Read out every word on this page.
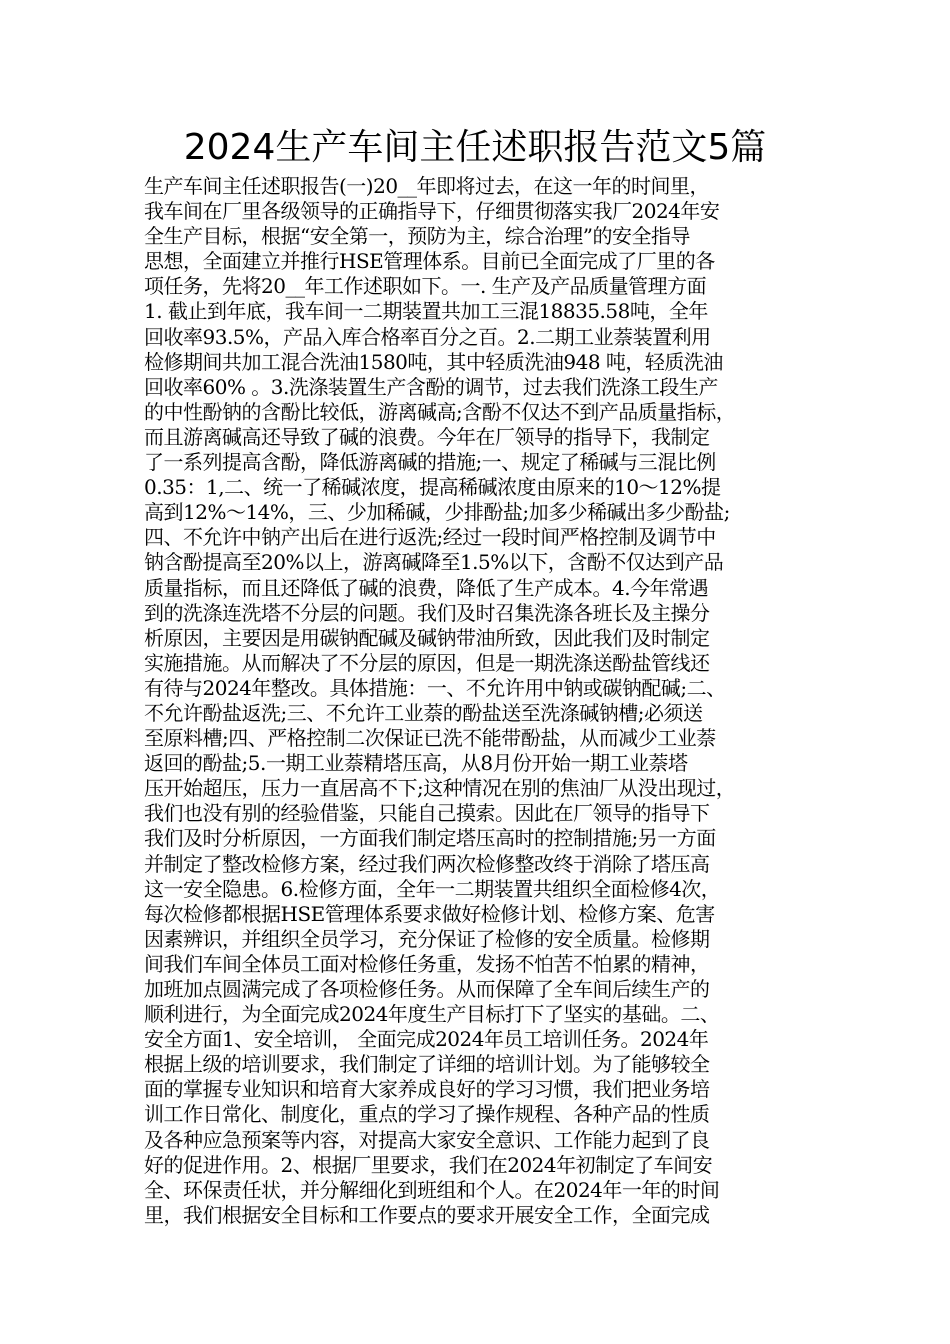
2024生产车间主任述职报告范文5篇
生产车间主任述职报告(一)20__年即将过去，在这一年的时间里，
我车间在厂里各级领导的正确指导下，仔细贯彻落实我厂2024年安
全生产目标，根据“安全第一，预防为主，综合治理”的安全指导
思想，全面建立并推行HSE管理体系。目前已全面完成了厂里的各
项任务，先将20__年工作述职如下。一. 生产及产品质量管理方面
1. 截止到年底，我车间一二期装置共加工三混18835.58吨，全年
回收率93.5%，产品入库合格率百分之百。2.二期工业萘装置利用
检修期间共加工混合洗油1580吨，其中轻质洗油948 吨，轻质洗油
回收率60% 。3.洗涤装置生产含酚的调节，过去我们洗涤工段生产
的中性酚钠的含酚比较低，游离碱高;含酚不仅达不到产品质量指标，
而且游离碱高还导致了碱的浪费。今年在厂领导的指导下，我制定
了一系列提高含酚，降低游离碱的措施;一、规定了稀碱与三混比例
0.35：1,二、统一了稀碱浓度，提高稀碱浓度由原来的10～12%提
高到12%～14%，三、少加稀碱，少排酚盐;加多少稀碱出多少酚盐;
四、不允许中钠产出后在进行返洗;经过一段时间严格控制及调节中
钠含酚提高至20%以上，游离碱降至1.5%以下，含酚不仅达到产品
质量指标，而且还降低了碱的浪费，降低了生产成本。4.今年常遇
到的洗涤连洗塔不分层的问题。我们及时召集洗涤各班长及主操分
析原因，主要因是用碳钠配碱及碱钠带油所致，因此我们及时制定
实施措施。从而解决了不分层的原因，但是一期洗涤送酚盐管线还
有待与2024年整改。具体措施：一、不允许用中钠或碳钠配碱;二、
不允许酚盐返洗;三、不允许工业萘的酚盐送至洗涤碱钠槽;必须送
至原料槽;四、严格控制二次保证已洗不能带酚盐，从而减少工业萘
返回的酚盐;5.一期工业萘精塔压高，从8月份开始一期工业萘塔
压开始超压，压力一直居高不下;这种情况在别的焦油厂从没出现过，
我们也没有别的经验借鉴，只能自己摸索。因此在厂领导的指导下
我们及时分析原因，一方面我们制定塔压高时的控制措施;另一方面
并制定了整改检修方案，经过我们两次检修整改终于消除了塔压高
这一安全隐患。6.检修方面，全年一二期装置共组织全面检修4次，
每次检修都根据HSE管理体系要求做好检修计划、检修方案、危害
因素辨识，并组织全员学习，充分保证了检修的安全质量。检修期
间我们车间全体员工面对检修任务重，发扬不怕苦不怕累的精神，
加班加点圆满完成了各项检修任务。从而保障了全车间后续生产的
顺利进行，为全面完成2024年度生产目标打下了坚实的基础。二、
安全方面1、安全培训， 全面完成2024年员工培训任务。2024年
根据上级的培训要求，我们制定了详细的培训计划。为了能够较全
面的掌握专业知识和培育大家养成良好的学习习惯，我们把业务培
训工作日常化、制度化，重点的学习了操作规程、各种产品的性质
及各种应急预案等内容，对提高大家安全意识、工作能力起到了良
好的促进作用。2、根据厂里要求，我们在2024年初制定了车间安
全、环保责任状，并分解细化到班组和个人。在2024年一年的时间
里，我们根据安全目标和工作要点的要求开展安全工作，全面完成
